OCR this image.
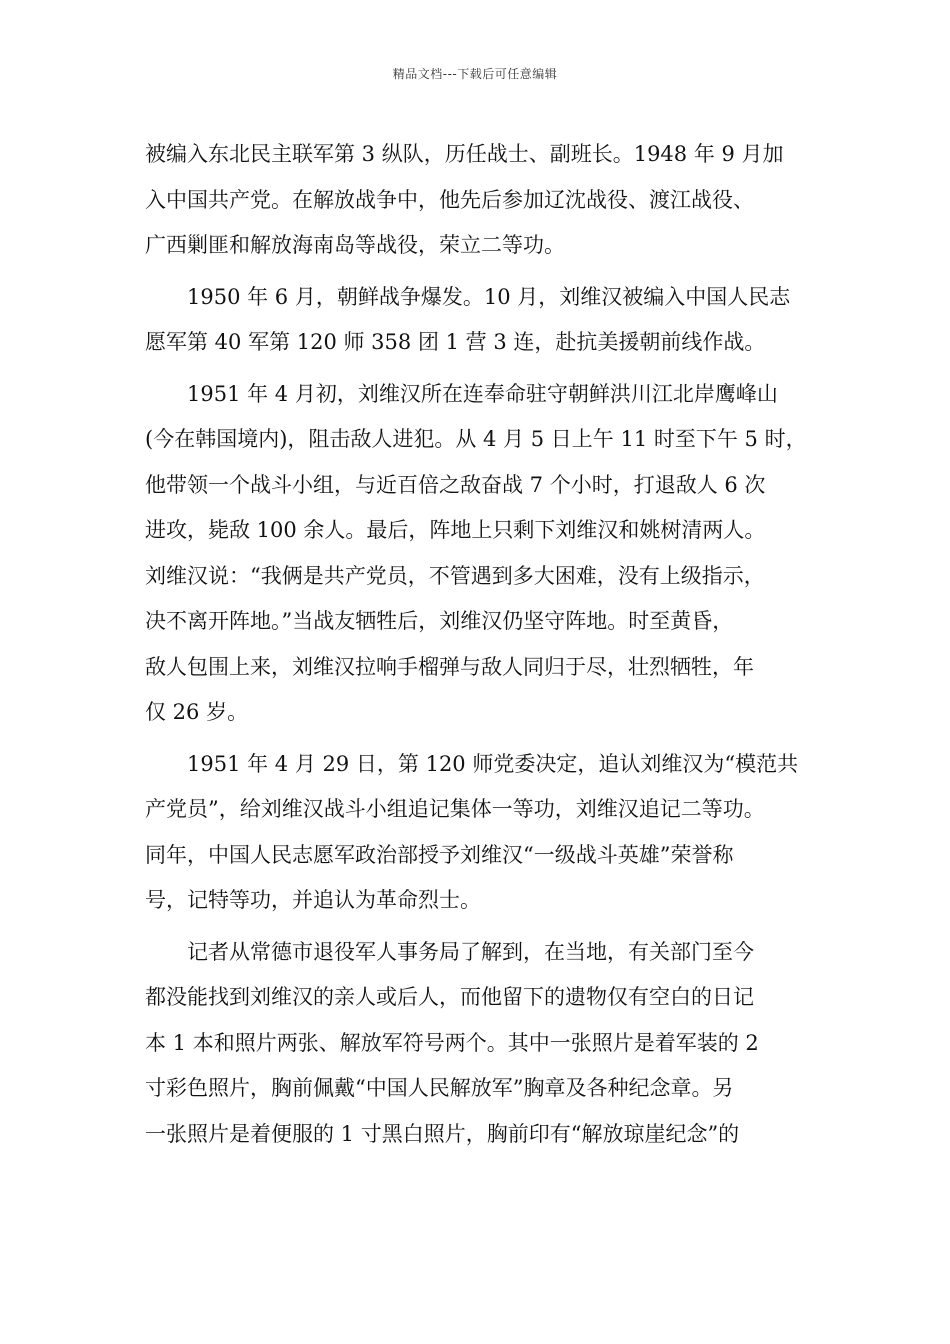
精品文档---下载后可任意编辑
被编入东北民主联军第 3 纵队，历任战士、副班长。1948 年 9 月加
入中国共产党。在解放战争中，他先后参加辽沈战役、渡江战役、
广西剿匪和解放海南岛等战役，荣立二等功。
1950 年 6 月，朝鲜战争爆发。10 月，刘维汉被编入中国人民志
愿军第 40 军第 120 师 358 团 1 营 3 连，赴抗美援朝前线作战。
1951 年 4 月初，刘维汉所在连奉命驻守朝鲜洪川江北岸鹰峰山
(今在韩国境内)，阻击敌人进犯。从 4 月 5 日上午 11 时至下午 5 时，
他带领一个战斗小组，与近百倍之敌奋战 7 个小时，打退敌人 6 次
进攻，毙敌 100 余人。最后，阵地上只剩下刘维汉和姚树清两人。
刘维汉说：“我俩是共产党员，不管遇到多大困难，没有上级指示，
决不离开阵地。”当战友牺牲后，刘维汉仍坚守阵地。时至黄昏，
敌人包围上来，刘维汉拉响手榴弹与敌人同归于尽，壮烈牺牲，年
仅 26 岁。
1951 年 4 月 29 日，第 120 师党委决定，追认刘维汉为“模范共
产党员”，给刘维汉战斗小组追记集体一等功，刘维汉追记二等功。
同年，中国人民志愿军政治部授予刘维汉“一级战斗英雄”荣誉称
号，记特等功，并追认为革命烈士。
记者从常德市退役军人事务局了解到，在当地，有关部门至今
都没能找到刘维汉的亲人或后人，而他留下的遗物仅有空白的日记
本 1 本和照片两张、解放军符号两个。其中一张照片是着军装的 2
寸彩色照片，胸前佩戴“中国人民解放军”胸章及各种纪念章。另
一张照片是着便服的 1 寸黑白照片，胸前印有“解放琼崖纪念”的
